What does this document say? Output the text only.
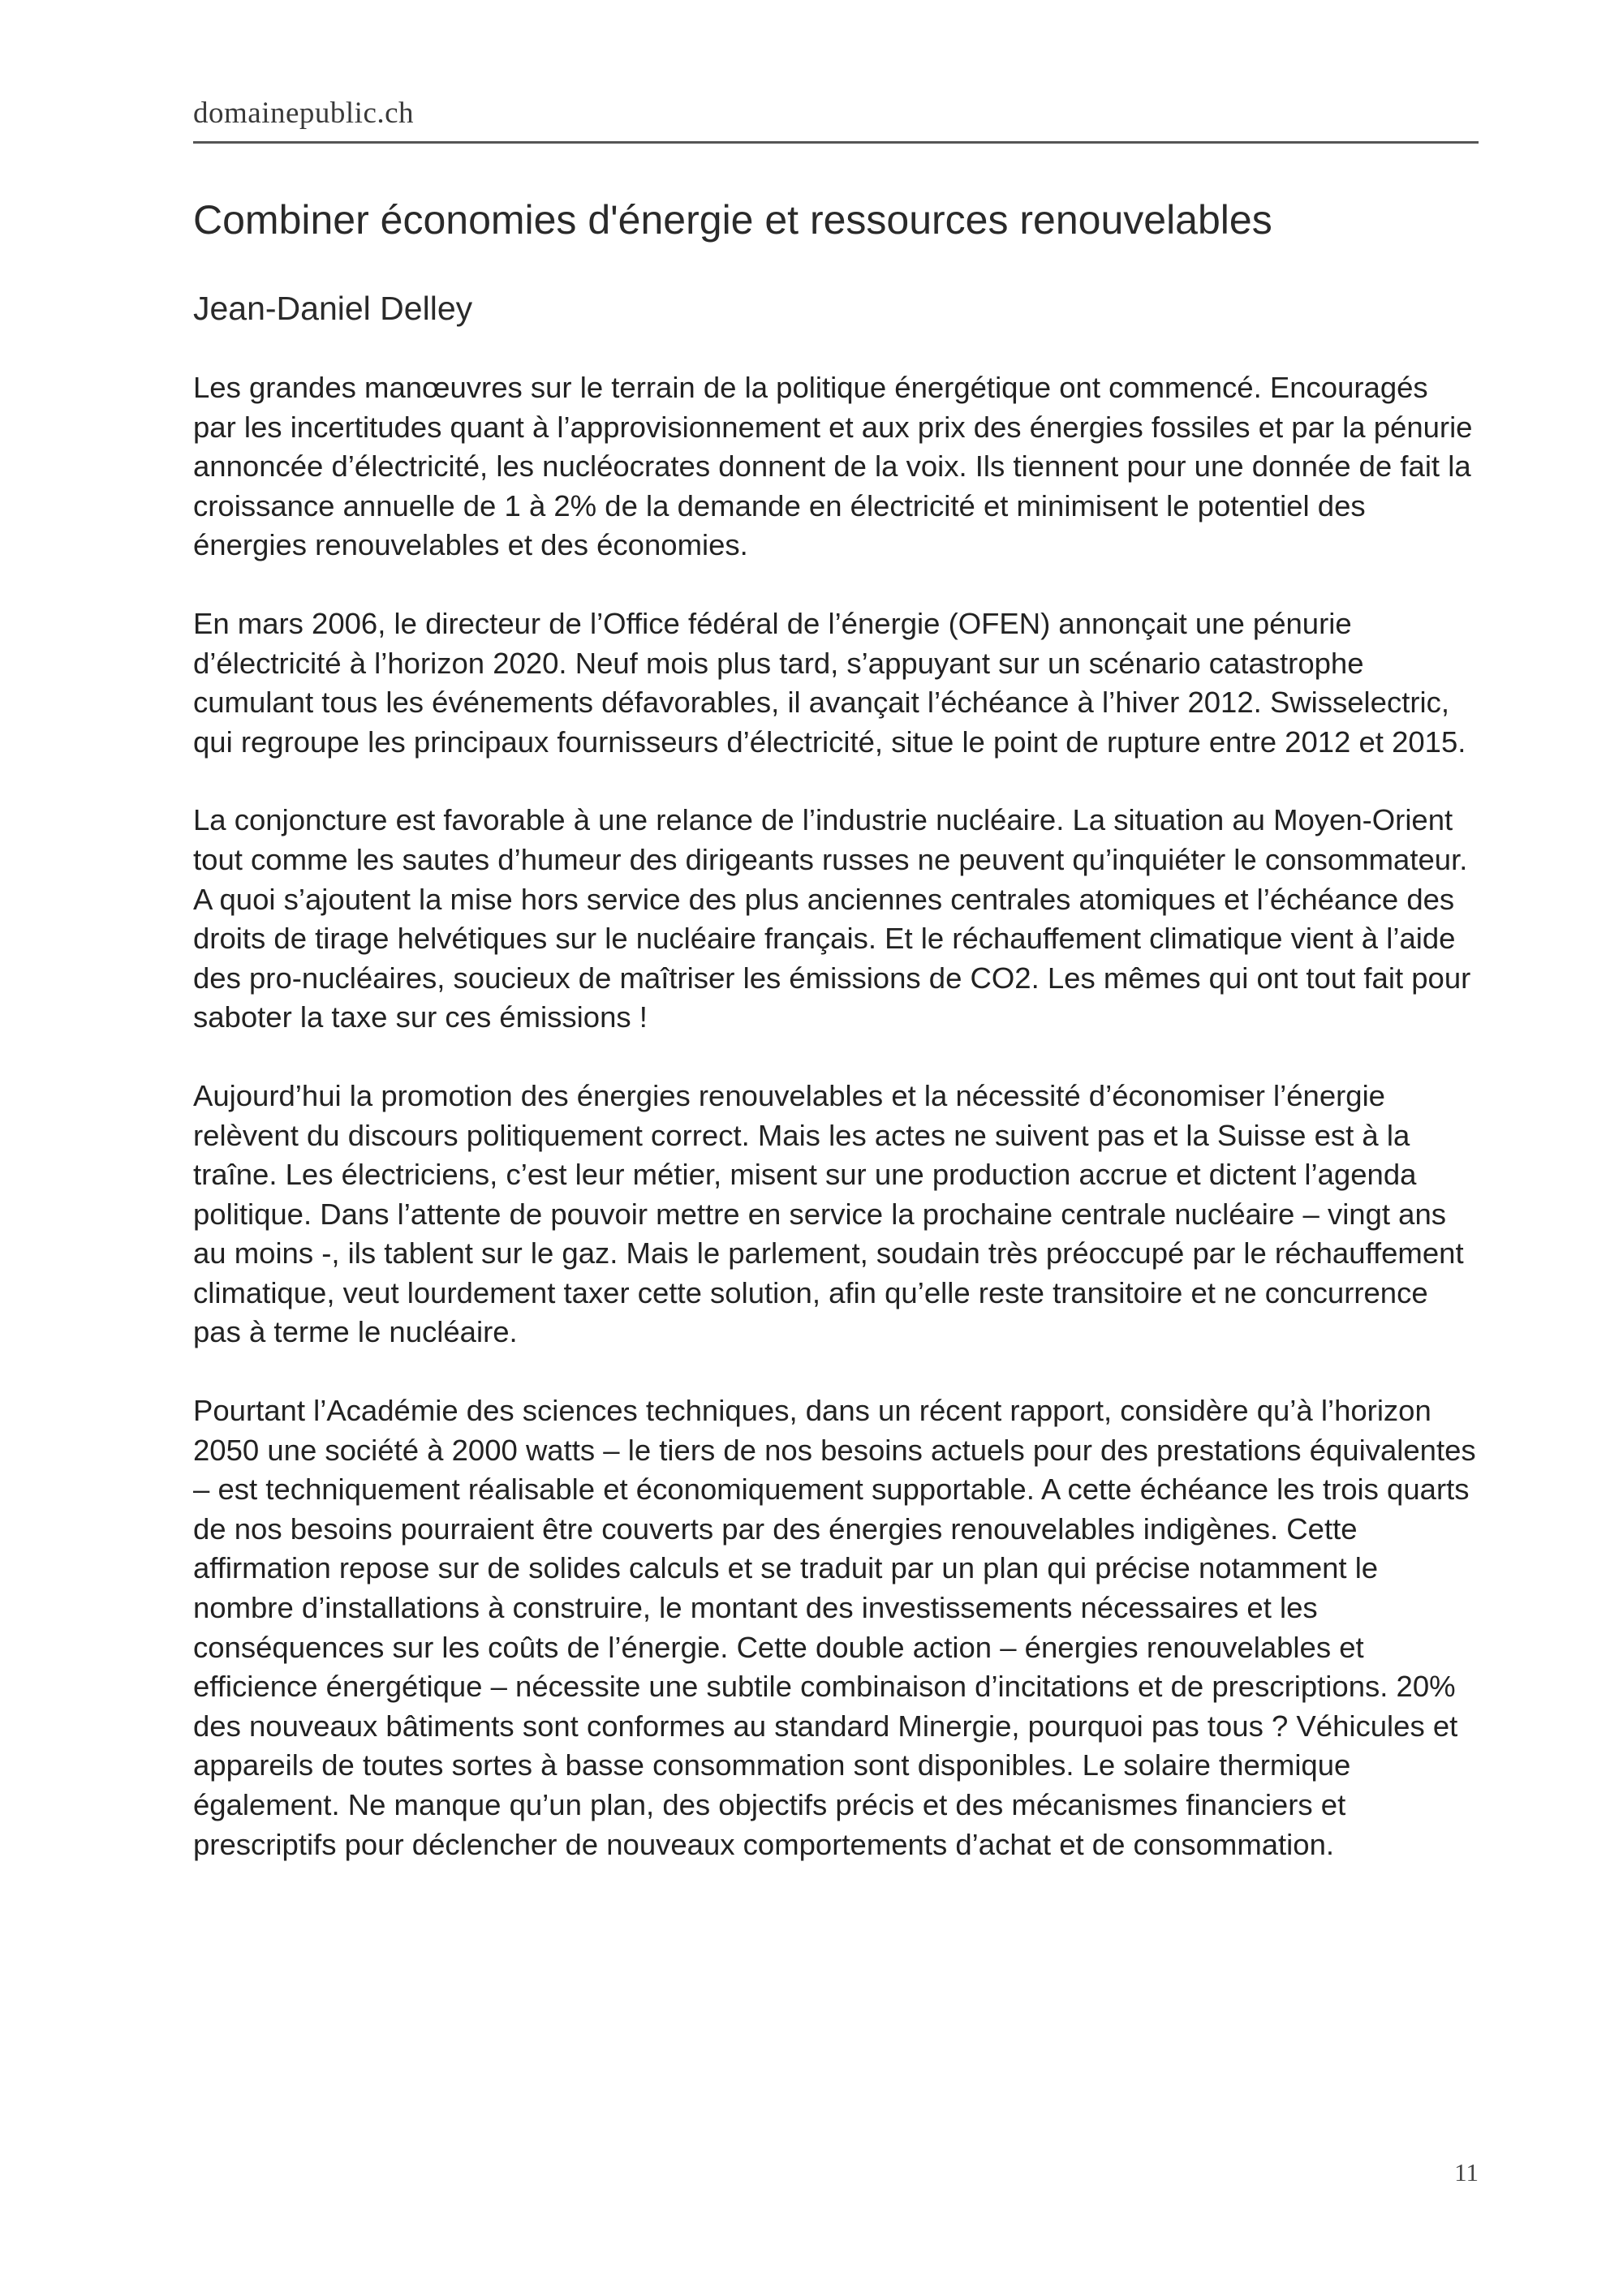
domainepublic.ch
Combiner économies d'énergie et ressources renouvelables
Jean-Daniel Delley

Les grandes manœuvres sur le terrain de la politique énergétique ont commencé. Encouragés par les incertitudes quant à l’approvisionnement et aux prix des énergies fossiles et par la pénurie annoncée d’électricité, les nucléocrates donnent de la voix. Ils tiennent pour une donnée de fait la croissance annuelle de 1 à 2% de la demande en électricité et minimisent le potentiel des énergies renouvelables et des économies.

En mars 2006, le directeur de l’Office fédéral de l’énergie (OFEN) annonçait une pénurie d’électricité à l’horizon 2020. Neuf mois plus tard, s’appuyant sur un scénario catastrophe cumulant tous les événements défavorables, il avançait l’échéance à l’hiver 2012. Swisselectric, qui regroupe les principaux fournisseurs d’électricité, situe le point de rupture entre 2012 et 2015.

La conjoncture est favorable à une relance de l’industrie nucléaire. La situation au Moyen-Orient tout comme les sautes d’humeur des dirigeants russes ne peuvent qu’inquiéter le consommateur. A quoi s’ajoutent la mise hors service des plus anciennes centrales atomiques et l’échéance des droits de tirage helvétiques sur le nucléaire français. Et le réchauffement climatique vient à l’aide des pro-nucléaires, soucieux de maîtriser les émissions de CO2. Les mêmes qui ont tout fait pour saboter la taxe sur ces émissions !

Aujourd’hui la promotion des énergies renouvelables et la nécessité d’économiser l’énergie relèvent du discours politiquement correct. Mais les actes ne suivent pas et la Suisse est à la traîne. Les électriciens, c’est leur métier, misent sur une production accrue et dictent l’agenda politique. Dans l’attente de pouvoir mettre en service la prochaine centrale nucléaire – vingt ans au moins -, ils tablent sur le gaz. Mais le parlement, soudain très préoccupé par le réchauffement climatique, veut lourdement taxer cette solution, afin qu’elle reste transitoire et ne concurrence pas à terme le nucléaire.

Pourtant l’Académie des sciences techniques, dans un récent rapport, considère qu’à l’horizon 2050 une société à 2000 watts – le tiers de nos besoins actuels pour des prestations équivalentes – est techniquement réalisable et économiquement supportable. A cette échéance les trois quarts de nos besoins pourraient être couverts par des énergies renouvelables indigènes. Cette affirmation repose sur de solides calculs et se traduit par un plan qui précise notamment le nombre d’installations à construire, le montant des investissements nécessaires et les conséquences sur les coûts de l’énergie. Cette double action – énergies renouvelables et efficience énergétique – nécessite une subtile combinaison d’incitations et de prescriptions. 20% des nouveaux bâtiments sont conformes au standard Minergie, pourquoi pas tous ? Véhicules et appareils de toutes sortes à basse consommation sont disponibles. Le solaire thermique également. Ne manque qu’un plan, des objectifs précis et des mécanismes financiers et prescriptifs pour déclencher de nouveaux comportements d’achat et de consommation.

11
